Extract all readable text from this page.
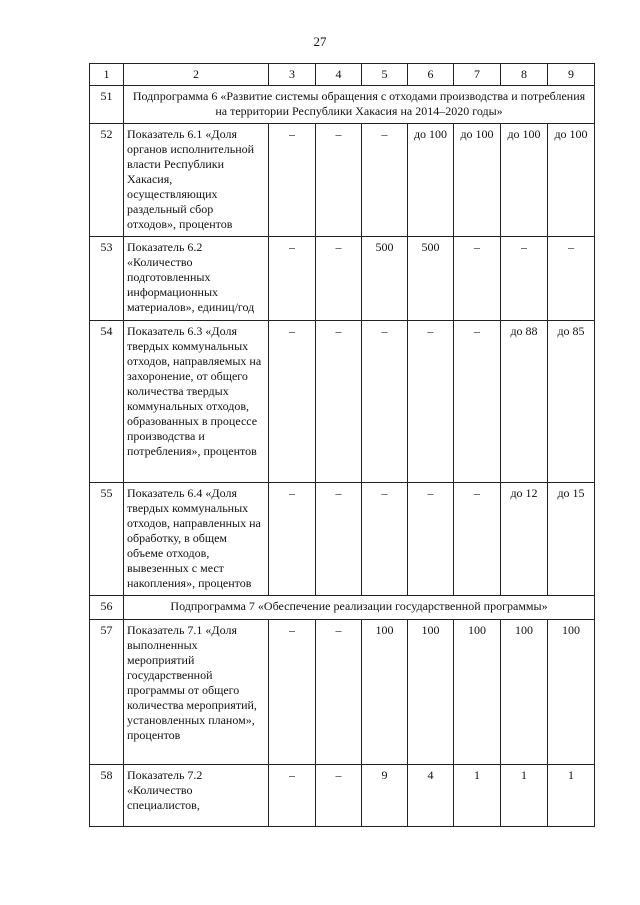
27
1	2	3	4	5	6	7	8	9
51	Подпрограмма 6 «Развитие системы обращения с отходами производства и потребления на территории Республики Хакасия на 2014–2020 годы»							
52	Показатель 6.1 «Доля органов исполнительной власти Республики Хакасия, осуществляющих раздельный сбор отходов», процентов	–	–	–	до 100	до 100	до 100	до 100
53	Показатель 6.2 «Количество подготовленных информационных материалов», единиц/год	–	–	500	500	–	–	–
54	Показатель 6.3 «Доля твердых коммунальных отходов, направляемых на захоронение, от общего количества твердых коммунальных отходов, образованных в процессе производства и потребления», процентов	–	–	–	–	–	до 88	до 85
55	Показатель 6.4 «Доля твердых коммунальных отходов, направленных на обработку, в общем объеме отходов, вывезенных с мест накопления», процентов	–	–	–	–	–	до 12	до 15
56	Подпрограмма 7 «Обеспечение реализации государственной программы»							
57	Показатель 7.1 «Доля выполненных мероприятий государственной программы от общего количества мероприятий, установленных планом», процентов	–	–	100	100	100	100	100
58	Показатель 7.2 «Количество специалистов,	–	–	9	4	1	1	1
